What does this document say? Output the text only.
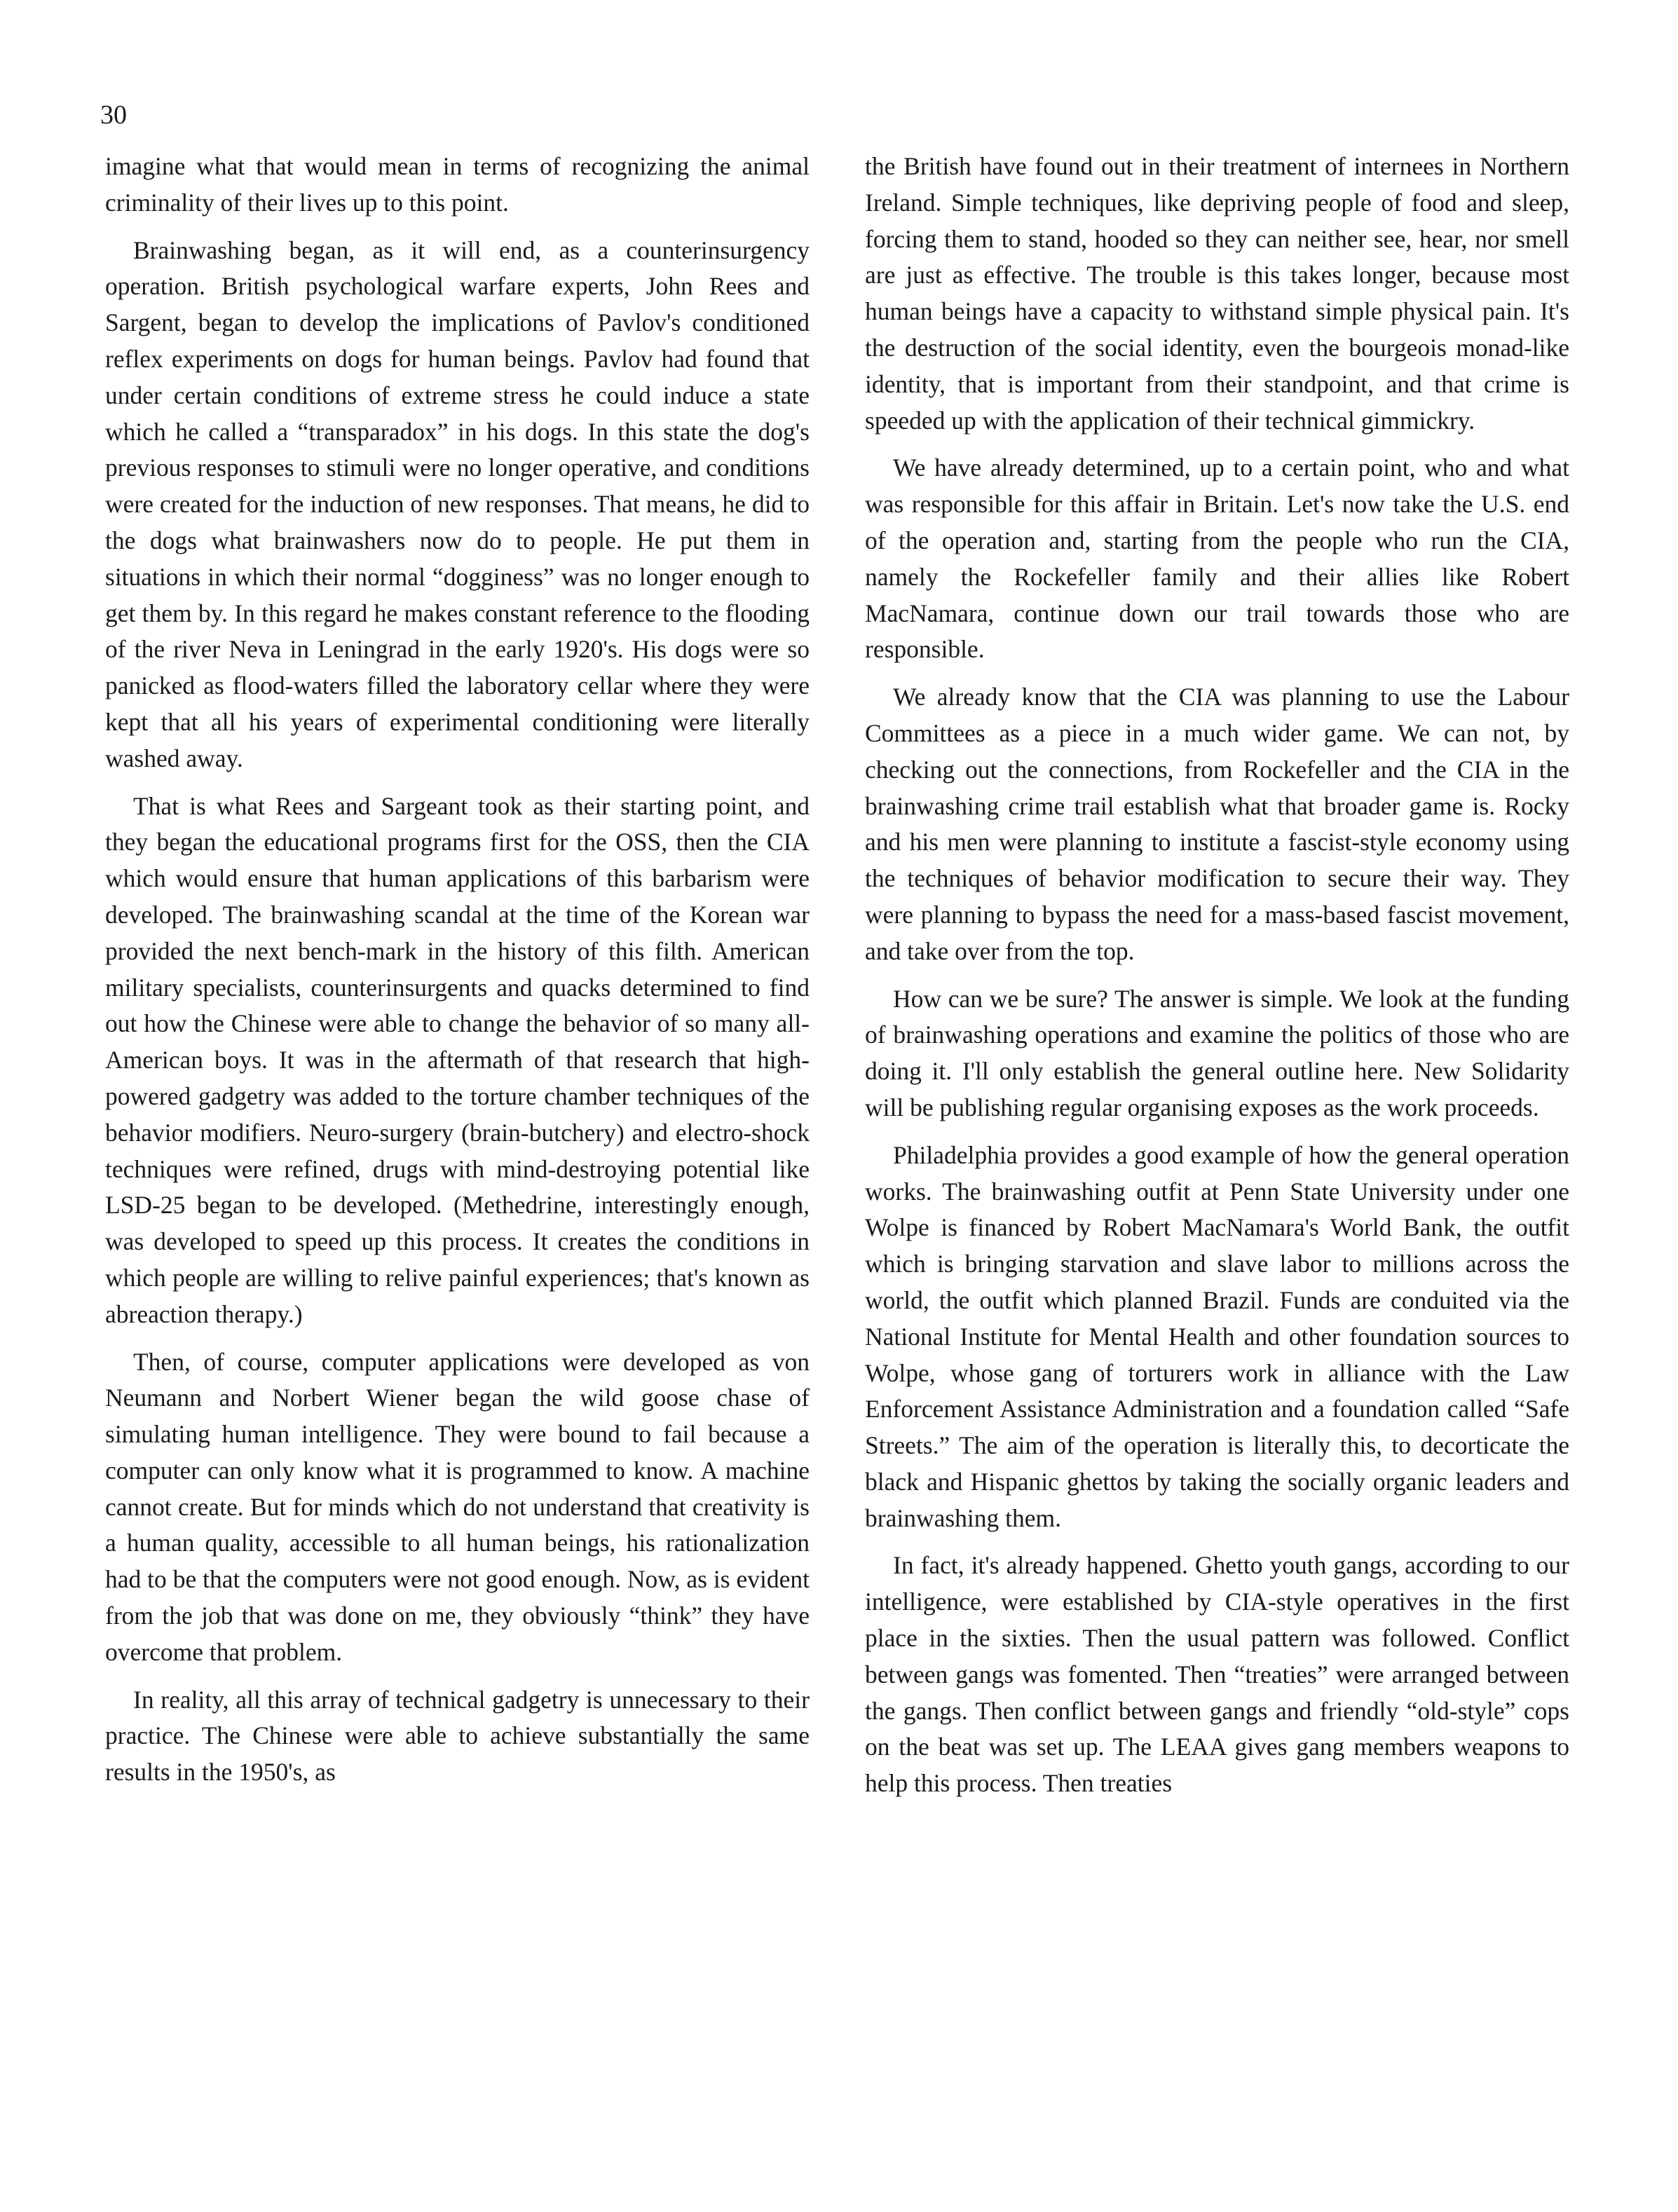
30

imagine what that would mean in terms of recognizing the animal criminality of their lives up to this point.

Brainwashing began, as it will end, as a counterinsurgency operation. British psychological warfare experts, John Rees and Sargent, began to develop the implications of Pavlov's conditioned reflex experiments on dogs for human beings. Pavlov had found that under certain conditions of extreme stress he could induce a state which he called a “transparadox” in his dogs. In this state the dog's previous responses to stimuli were no longer operative, and conditions were created for the induction of new responses. That means, he did to the dogs what brainwashers now do to people. He put them in situations in which their normal “dogginess” was no longer enough to get them by. In this regard he makes constant reference to the flooding of the river Neva in Leningrad in the early 1920's. His dogs were so panicked as flood-waters filled the laboratory cellar where they were kept that all his years of experimental conditioning were literally washed away.

That is what Rees and Sargeant took as their starting point, and they began the educational programs first for the OSS, then the CIA which would ensure that human applications of this barbarism were developed. The brainwashing scandal at the time of the Korean war provided the next bench-mark in the history of this filth. American military specialists, counterinsurgents and quacks determined to find out how the Chinese were able to change the behavior of so many all-American boys. It was in the aftermath of that research that high-powered gadgetry was added to the torture chamber techniques of the behavior modifiers. Neuro-surgery (brain-butchery) and electro-shock techniques were refined, drugs with mind-destroying potential like LSD-25 began to be developed. (Methedrine, interestingly enough, was developed to speed up this process. It creates the conditions in which people are willing to relive painful experiences; that's known as abreaction therapy.)

Then, of course, computer applications were developed as von Neumann and Norbert Wiener began the wild goose chase of simulating human intelligence. They were bound to fail because a computer can only know what it is programmed to know. A machine cannot create. But for minds which do not understand that creativity is a human quality, accessible to all human beings, his rationalization had to be that the computers were not good enough. Now, as is evident from the job that was done on me, they obviously “think” they have overcome that problem.

In reality, all this array of technical gadgetry is unnecessary to their practice. The Chinese were able to achieve substantially the same results in the 1950's, as

the British have found out in their treatment of internees in Northern Ireland. Simple techniques, like depriving people of food and sleep, forcing them to stand, hooded so they can neither see, hear, nor smell are just as effective. The trouble is this takes longer, because most human beings have a capacity to withstand simple physical pain. It's the destruction of the social identity, even the bourgeois monad-like identity, that is important from their standpoint, and that crime is speeded up with the application of their technical gimmickry.

We have already determined, up to a certain point, who and what was responsible for this affair in Britain. Let's now take the U.S. end of the operation and, starting from the people who run the CIA, namely the Rockefeller family and their allies like Robert MacNamara, continue down our trail towards those who are responsible.

We already know that the CIA was planning to use the Labour Committees as a piece in a much wider game. We can not, by checking out the connections, from Rockefeller and the CIA in the brainwashing crime trail establish what that broader game is. Rocky and his men were planning to institute a fascist-style economy using the techniques of behavior modification to secure their way. They were planning to bypass the need for a mass-based fascist movement, and take over from the top.

How can we be sure? The answer is simple. We look at the funding of brainwashing operations and examine the politics of those who are doing it. I'll only establish the general outline here. New Solidarity will be publishing regular organising exposes as the work proceeds.

Philadelphia provides a good example of how the general operation works. The brainwashing outfit at Penn State University under one Wolpe is financed by Robert MacNamara's World Bank, the outfit which is bringing starvation and slave labor to millions across the world, the outfit which planned Brazil. Funds are conduited via the National Institute for Mental Health and other foundation sources to Wolpe, whose gang of torturers work in alliance with the Law Enforcement Assistance Administration and a foundation called “Safe Streets.” The aim of the operation is literally this, to decorticate the black and Hispanic ghettos by taking the socially organic leaders and brainwashing them.

In fact, it's already happened. Ghetto youth gangs, according to our intelligence, were established by CIA-style operatives in the first place in the sixties. Then the usual pattern was followed. Conflict between gangs was fomented. Then “treaties” were arranged between the gangs. Then conflict between gangs and friendly “old-style” cops on the beat was set up. The LEAA gives gang members weapons to help this process. Then treaties
